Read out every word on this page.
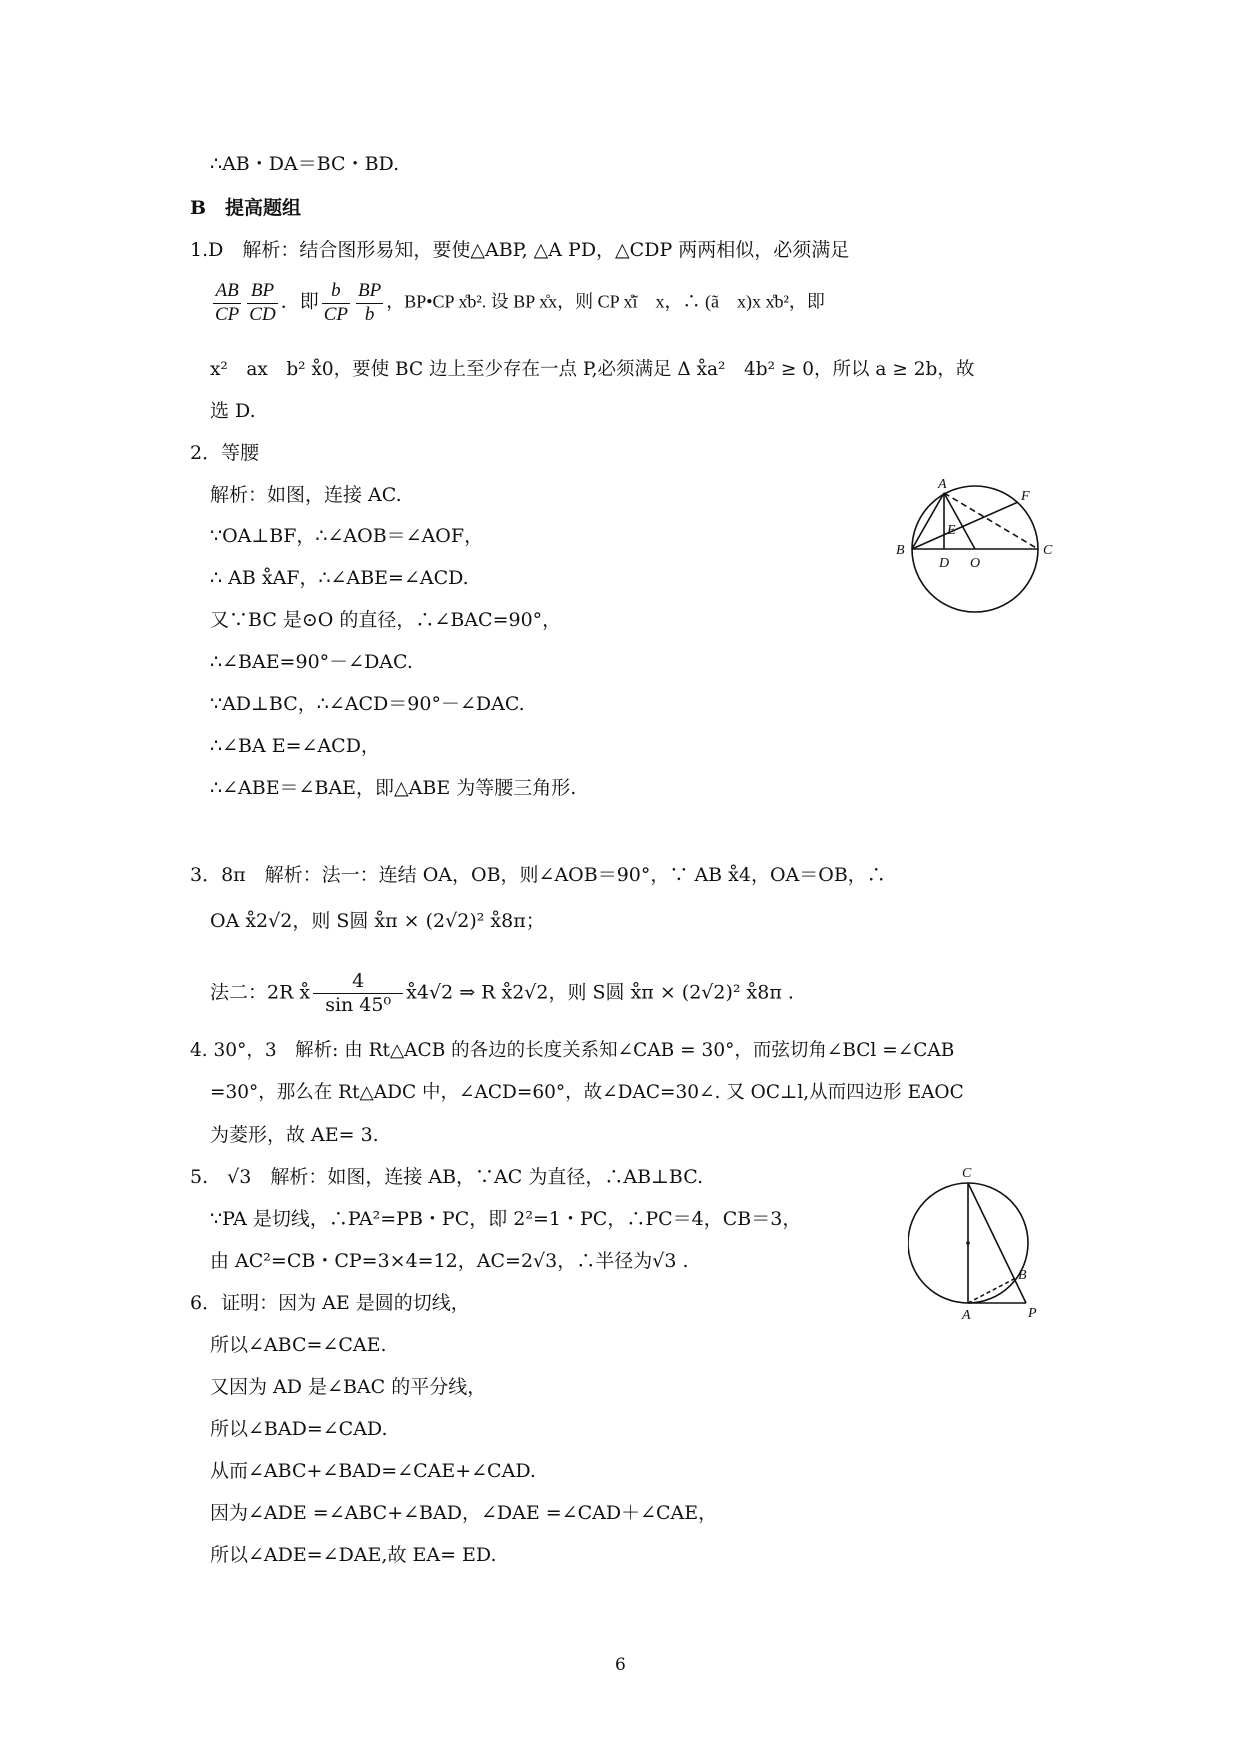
∴AB・DA＝BC・BD.
B　提高题组
1.D　解析：结合图形易知，要使△ABP, △A PD，△CDP 两两相似，必须满足
$\frac{AB}{CP} \frac{BP}{CD}$ ．即 $\frac{b}{CP} \frac{BP}{b}$ ，BP•CP x̊b². 设 BP x̊x，则 CP x̊ĩ　x，∴ (ã　x)x x̊b²，即
x²　ax　b² x̊0，要使 BC 边上至少存在一点 P,必须满足 Δ x̊a²　4b² ≥ 0，所以 a ≥ 2b，故
选 D.
2．等腰
解析：如图，连接 AC.
∵OA⊥BF，∴∠AOB＝∠AOF，
∴ AB x̊AF，∴∠ABE=∠ACD.
又∵BC 是⊙O 的直径，∴∠BAC=90°，
∴∠BAE=90°－∠DAC.
∵AD⊥BC，∴∠ACD＝90°－∠DAC.
∴∠BA E=∠ACD，
∴∠ABE＝∠BAE，即△ABE 为等腰三角形.
3．8π　解析：法一：连结 OA，OB，则∠AOB＝90°，∵ AB x̊4，OA＝OB，∴
OA x̊2√2，则 S圆 x̊π × (2√2)² x̊8π；
法二：2R x̊ $\frac{4}{\text{sin 45⁰}}$ x̊4√2 ⇒ R x̊2√2，则 S圆 x̊π × (2√2)² x̊8π .
4. 30°，3　解析: 由 Rt△ACB 的各边的长度关系知∠CAB = 30°，而弦切角∠BCl =∠CAB
=30°，那么在 Rt△ADC 中，∠ACD=60°，故∠DAC=30∠. 又 OC⊥l,从而四边形 EAOC
为菱形，故 AE= 3.
5.　√3　解析：如图，连接 AB，∵AC 为直径，∴AB⊥BC.
∵PA 是切线，∴PA²=PB・PC，即 2²=1・PC，∴PC＝4，CB＝3，
由 AC²=CB・CP=3×4=12，AC=2√3，∴半径为√3 .
6．证明：因为 AE 是圆的切线，
所以∠ABC=∠CAE.
又因为 AD 是∠BAC 的平分线，
所以∠BAD=∠CAD.
从而∠ABC+∠BAD=∠CAE+∠CAD.
因为∠ADE =∠ABC+∠BAD，∠DAE =∠CAD＋∠CAE，
所以∠ADE=∠DAE,故 EA= ED.
A
F
E
B
D O
C
C
B
A	P
6
